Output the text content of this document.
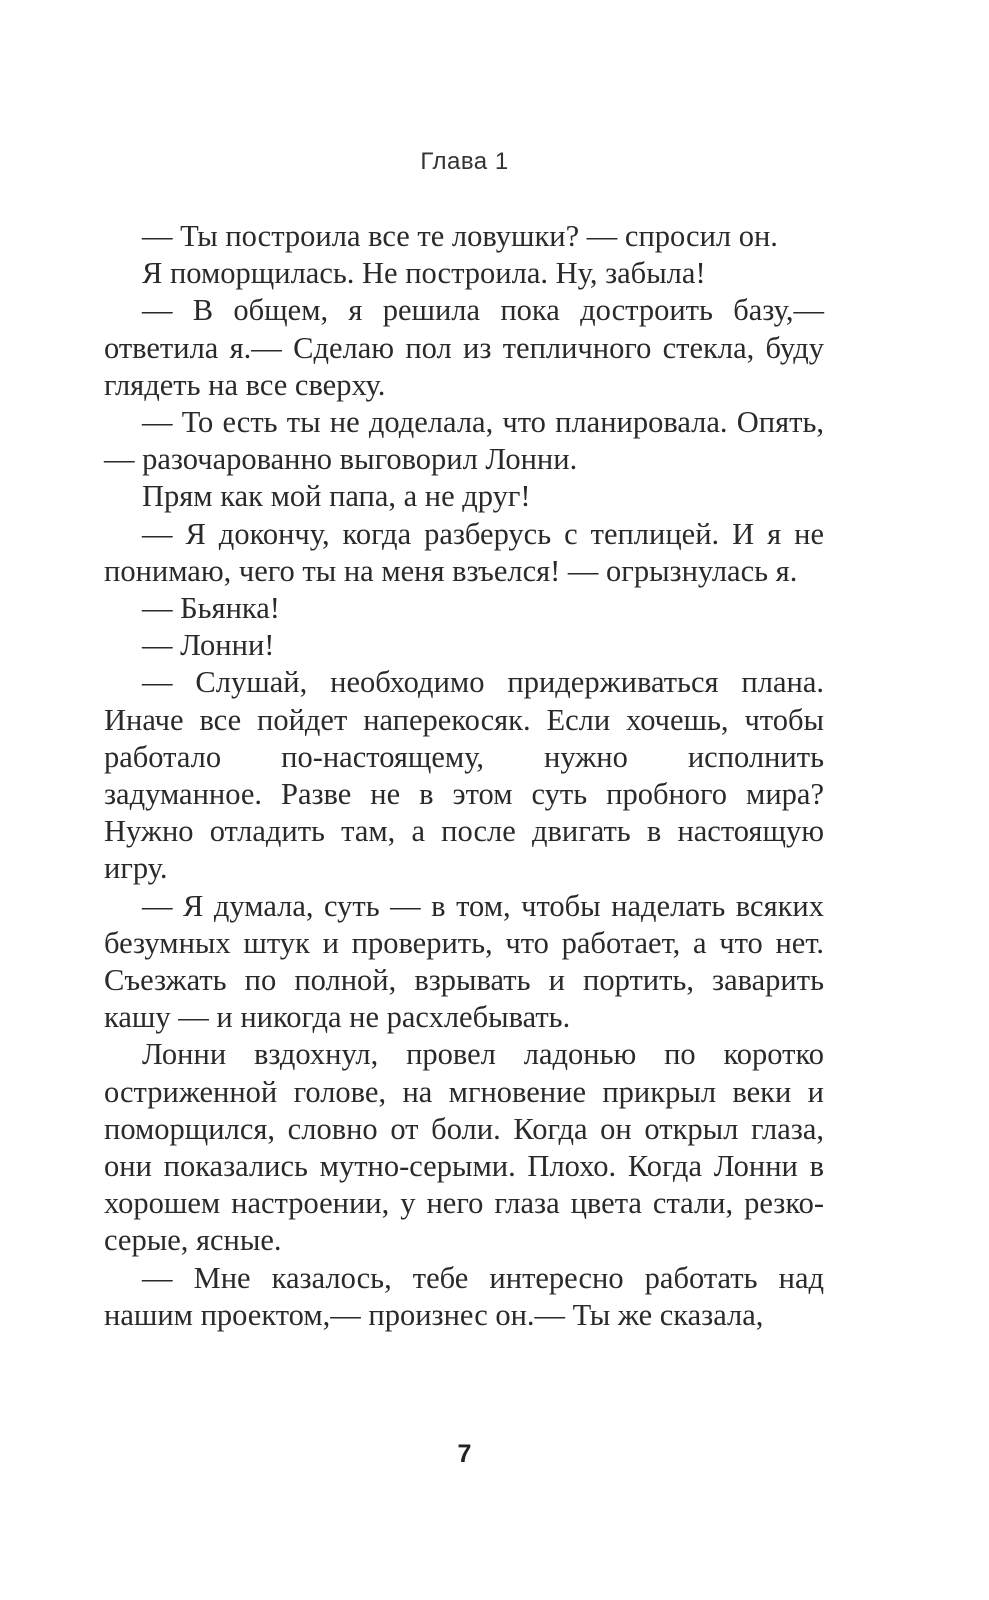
Глава 1

— Ты построила все те ловушки? — спросил он.

Я поморщилась. Не построила. Ну, забыла!

— В общем, я решила пока достроить базу,— ответила я.— Сделаю пол из тепличного стекла, буду глядеть на все сверху.

— То есть ты не доделала, что планировала. Опять,— разочарованно выговорил Лонни.

Прям как мой папа, а не друг!

— Я докончу, когда разберусь с теплицей. И я не понимаю, чего ты на меня взъелся! — огрызнулась я.

— Бьянка!

— Лонни!

— Слушай, необходимо придерживаться плана. Иначе все пойдет наперекосяк. Если хочешь, чтобы работало по-настоящему, нужно исполнить задуманное. Разве не в этом суть пробного мира? Нужно отладить там, а после двигать в настоящую игру.

— Я думала, суть — в том, чтобы наделать всяких безумных штук и проверить, что работает, а что нет. Съезжать по полной, взрывать и портить, заварить кашу — и никогда не расхлебывать.

Лонни вздохнул, провел ладонью по коротко остриженной голове, на мгновение прикрыл веки и поморщился, словно от боли. Когда он открыл глаза, они показались мутно-серыми. Плохо. Когда Лонни в хорошем настроении, у него глаза цвета стали, резко-серые, ясные.

— Мне казалось, тебе интересно работать над нашим проектом,— произнес он.— Ты же сказала,

7
